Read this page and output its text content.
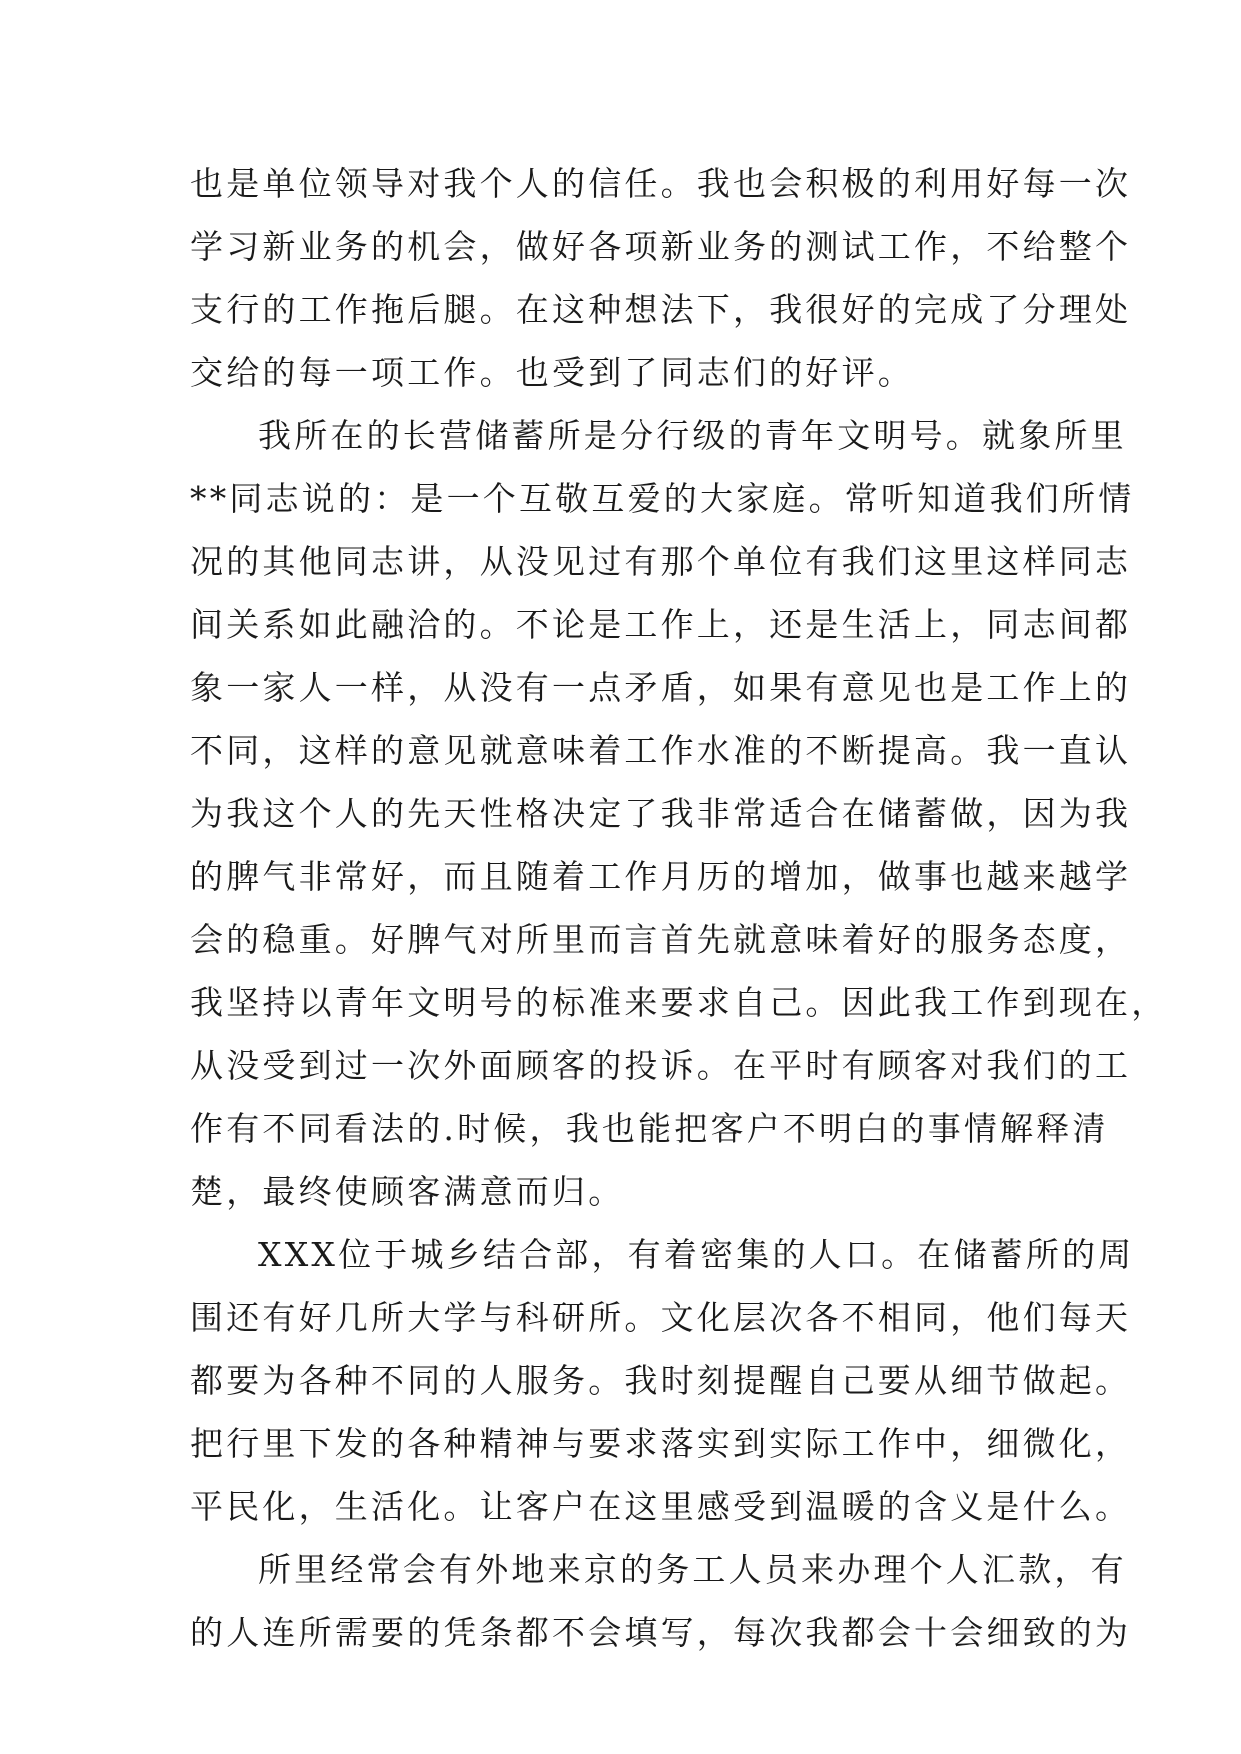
也是单位领导对我个人的信任。我也会积极的利用好每一次
学习新业务的机会，做好各项新业务的测试工作，不给整个
支行的工作拖后腿。在这种想法下，我很好的完成了分理处
交给的每一项工作。也受到了同志们的好评。
我所在的长营储蓄所是分行级的青年文明号。就象所里
**同志说的：是一个互敬互爱的大家庭。常听知道我们所情
况的其他同志讲，从没见过有那个单位有我们这里这样同志
间关系如此融洽的。不论是工作上，还是生活上，同志间都
象一家人一样，从没有一点矛盾，如果有意见也是工作上的
不同，这样的意见就意味着工作水准的不断提高。我一直认
为我这个人的先天性格决定了我非常适合在储蓄做，因为我
的脾气非常好，而且随着工作月历的增加，做事也越来越学
会的稳重。好脾气对所里而言首先就意味着好的服务态度，
我坚持以青年文明号的标准来要求自己。因此我工作到现在，
从没受到过一次外面顾客的投诉。在平时有顾客对我们的工
作有不同看法的.时候，我也能把客户不明白的事情解释清
楚，最终使顾客满意而归。
XXX位于城乡结合部，有着密集的人口。在储蓄所的周
围还有好几所大学与科研所。文化层次各不相同，他们每天
都要为各种不同的人服务。我时刻提醒自己要从细节做起。
把行里下发的各种精神与要求落实到实际工作中，细微化，
平民化，生活化。让客户在这里感受到温暖的含义是什么。
所里经常会有外地来京的务工人员来办理个人汇款，有
的人连所需要的凭条都不会填写，每次我都会十会细致的为
